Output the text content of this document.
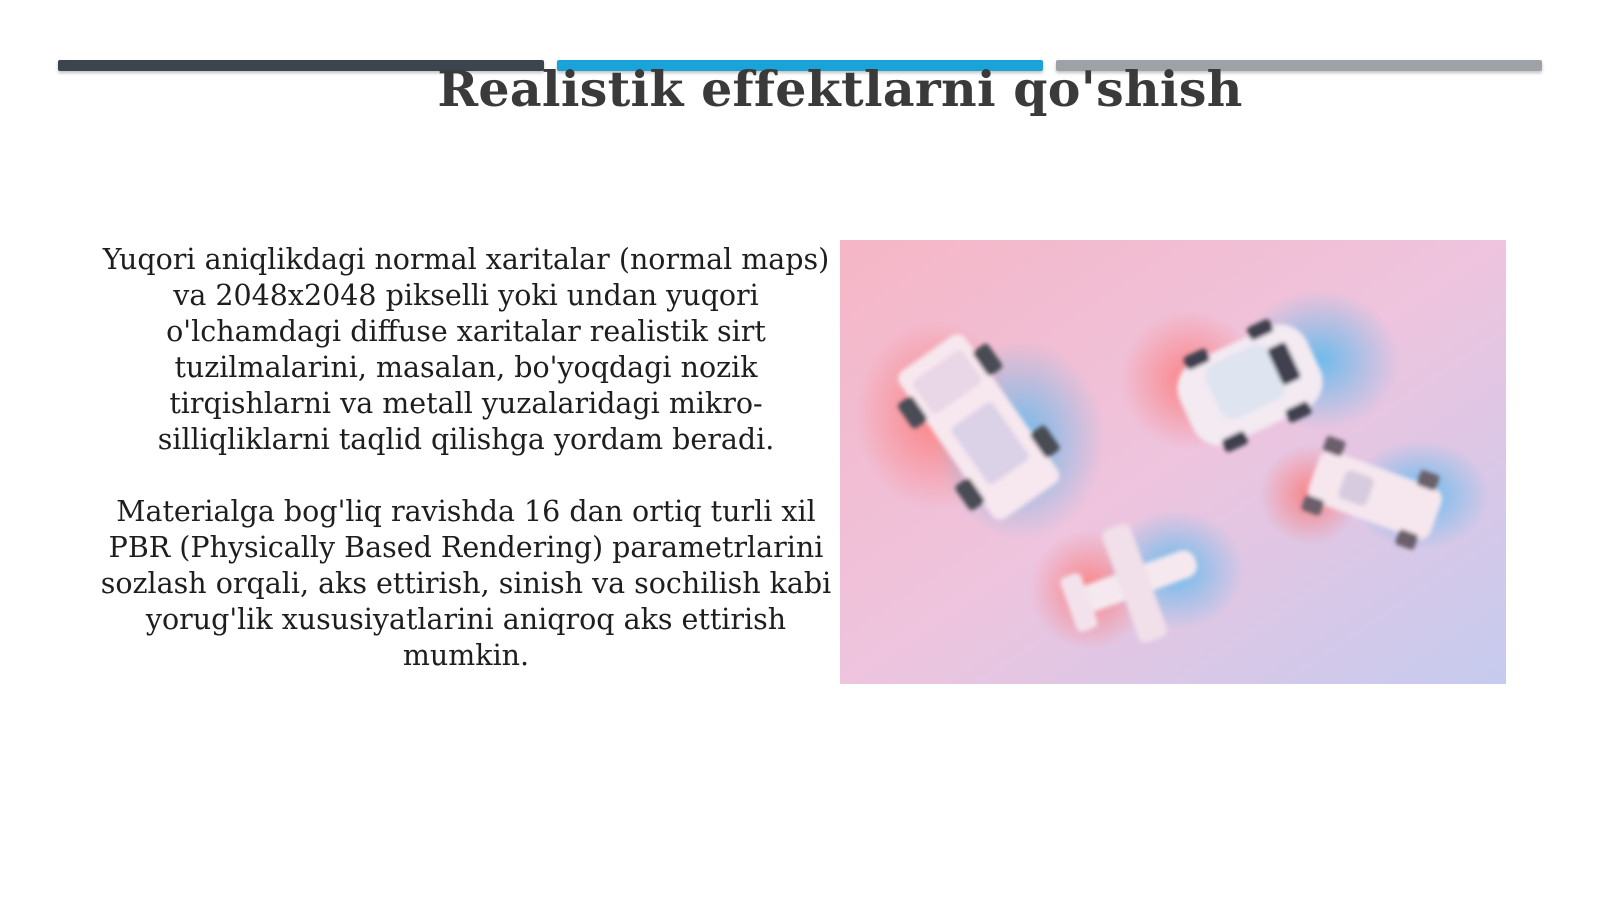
Realistik effektlarni qo'shish

Yuqori aniqlikdagi normal xaritalar (normal maps) va 2048x2048 pikselli yoki undan yuqori o'lchamdagi diffuse xaritalar realistik sirt tuzilmalarini, masalan, bo'yoqdagi nozik tirqishlarni va metall yuzalaridagi mikro-silliqliklarni taqlid qilishga yordam beradi.

Materialga bog'liq ravishda 16 dan ortiq turli xil PBR (Physically Based Rendering) parametrlarini sozlash orqali, aks ettirish, sinish va sochilish kabi yorug'lik xususiyatlarini aniqroq aks ettirish mumkin.
